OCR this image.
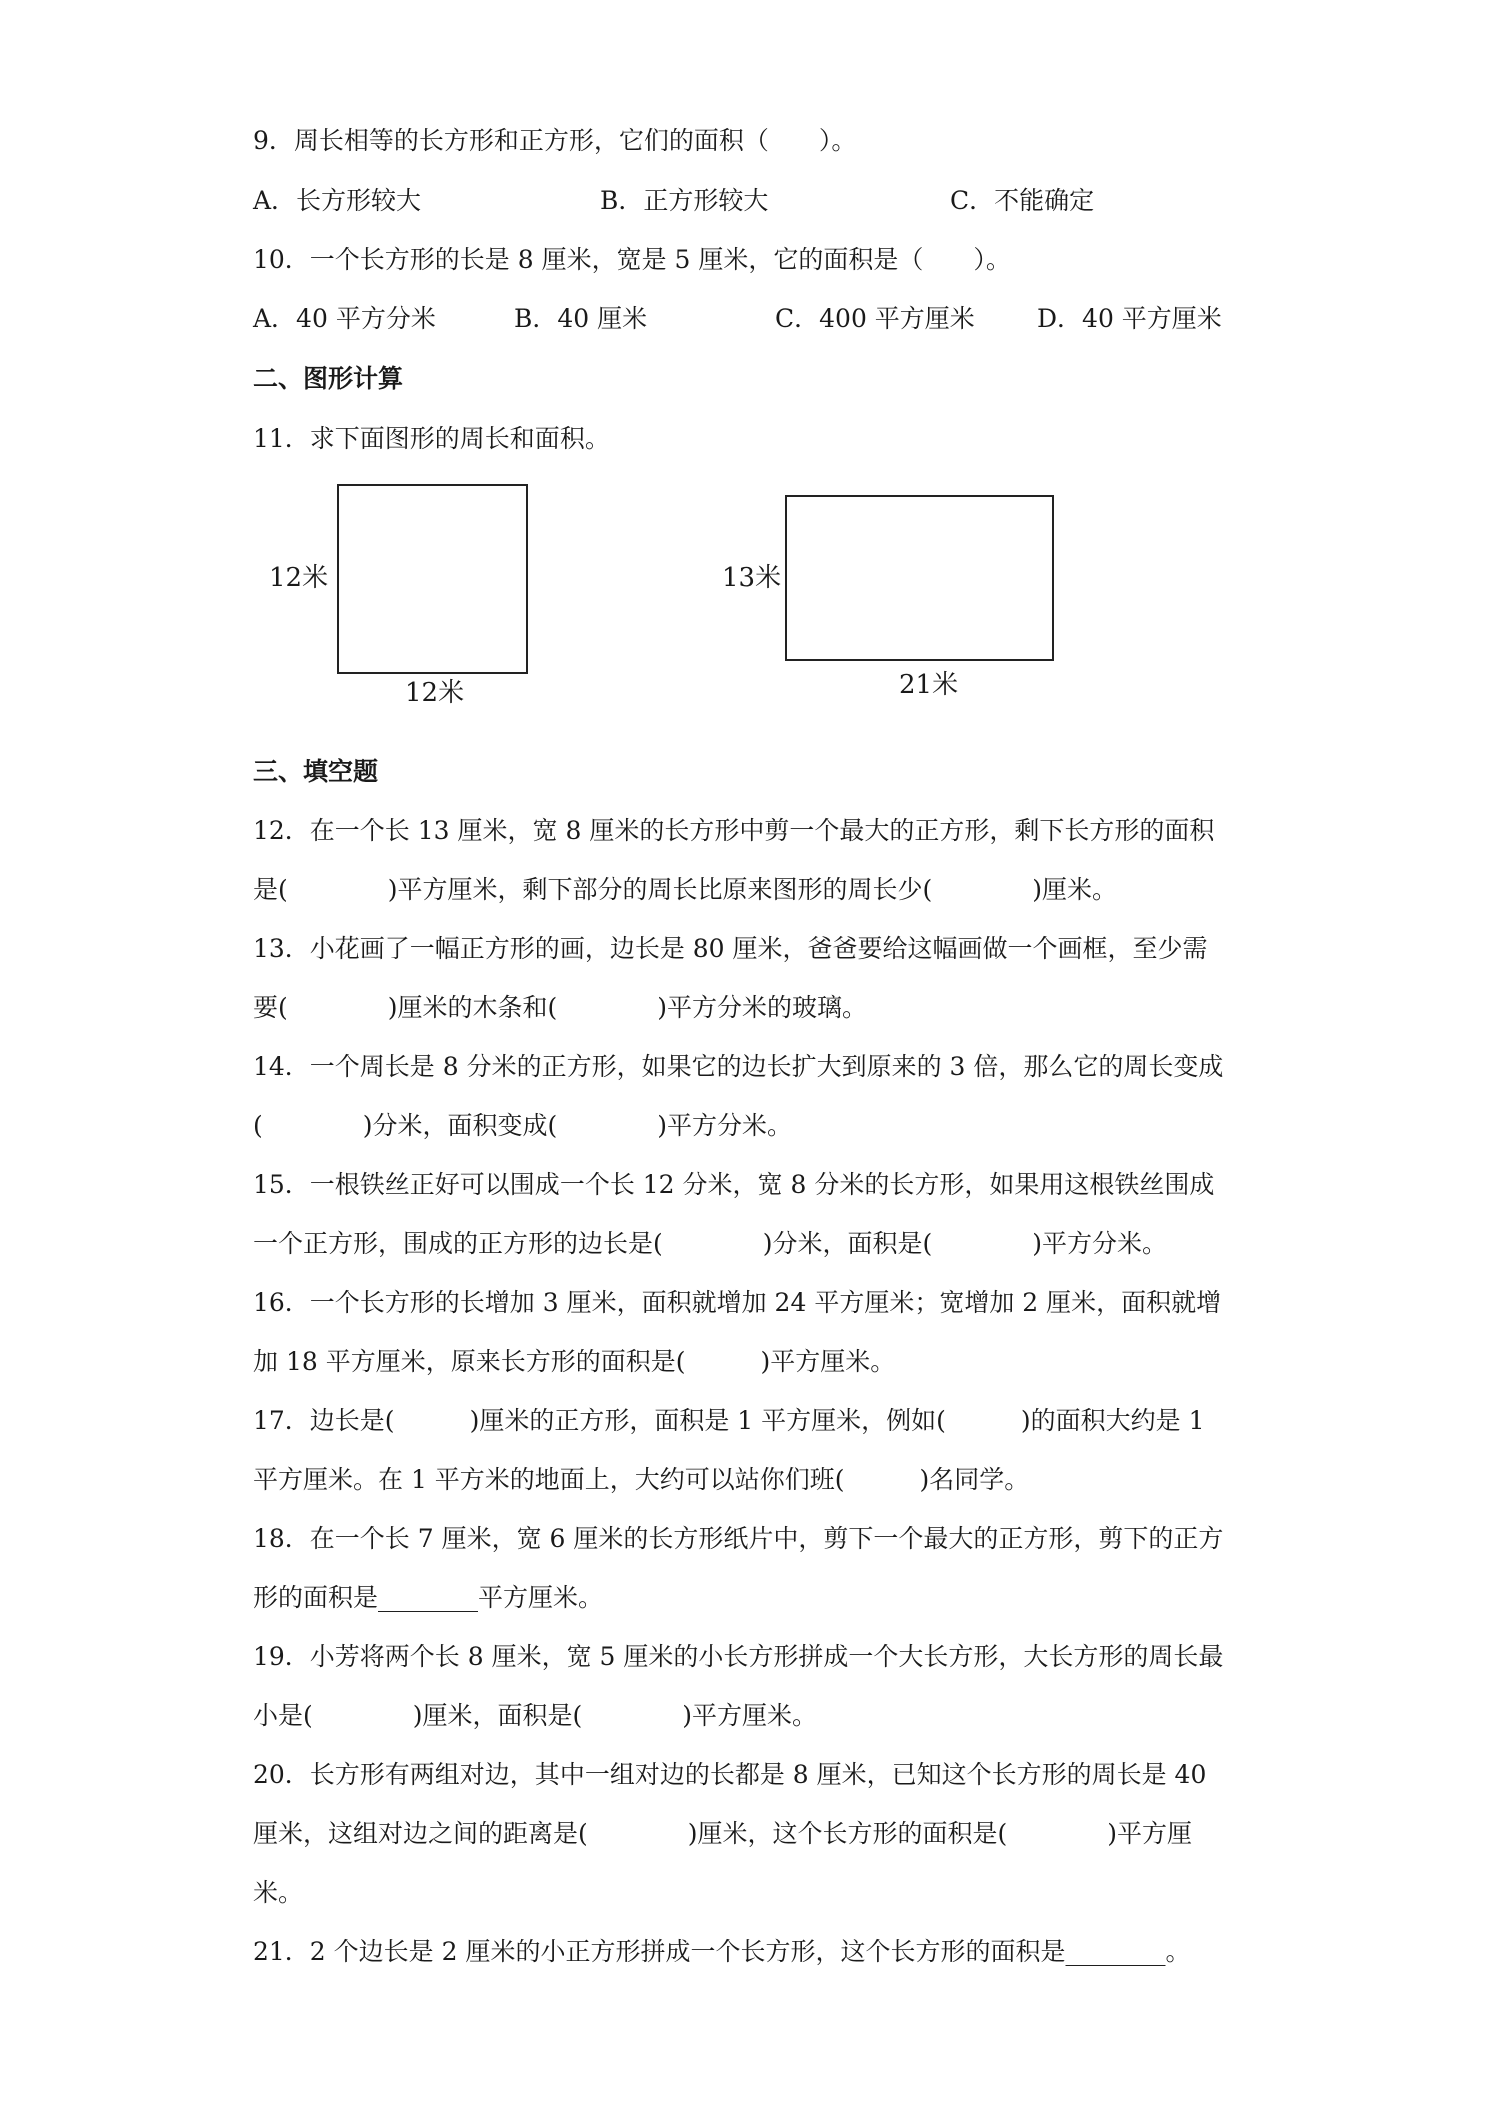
9．周长相等的长方形和正方形，它们的面积（　　）。
A．长方形较大	B．正方形较大	C．不能确定
10．一个长方形的长是 8 厘米，宽是 5 厘米，它的面积是（　　）。
A．40 平方分米	B．40 厘米	C．400 平方厘米 D．40 平方厘米
二、图形计算
11．求下面图形的周长和面积。
12米
12米
13米
21米
三、填空题
12．在一个长 13 厘米，宽 8 厘米的长方形中剪一个最大的正方形，剩下长方形的面积
是(　　　　)平方厘米，剩下部分的周长比原来图形的周长少(　　　　)厘米。
13．小花画了一幅正方形的画，边长是 80 厘米，爸爸要给这幅画做一个画框，至少需
要(　　　　)厘米的木条和(　　　　)平方分米的玻璃。
14．一个周长是 8 分米的正方形，如果它的边长扩大到原来的 3 倍，那么它的周长变成
(　　　　)分米，面积变成(　　　　)平方分米。
15．一根铁丝正好可以围成一个长 12 分米，宽 8 分米的长方形，如果用这根铁丝围成
一个正方形，围成的正方形的边长是(　　　　)分米，面积是(　　　　)平方分米。
16．一个长方形的长增加 3 厘米，面积就增加 24 平方厘米；宽增加 2 厘米，面积就增
加 18 平方厘米，原来长方形的面积是(　　　)平方厘米。
17．边长是(　　　)厘米的正方形，面积是 1 平方厘米，例如(　　　)的面积大约是 1
平方厘米。在 1 平方米的地面上，大约可以站你们班(　　　)名同学。
18．在一个长 7 厘米，宽 6 厘米的长方形纸片中，剪下一个最大的正方形，剪下的正方
形的面积是________平方厘米。
19．小芳将两个长 8 厘米，宽 5 厘米的小长方形拼成一个大长方形，大长方形的周长最
小是(　　　　)厘米，面积是(　　　　)平方厘米。
20．长方形有两组对边，其中一组对边的长都是 8 厘米，已知这个长方形的周长是 40
厘米，这组对边之间的距离是(　　　　)厘米，这个长方形的面积是(　　　　)平方厘
米。
21．2 个边长是 2 厘米的小正方形拼成一个长方形，这个长方形的面积是________。
